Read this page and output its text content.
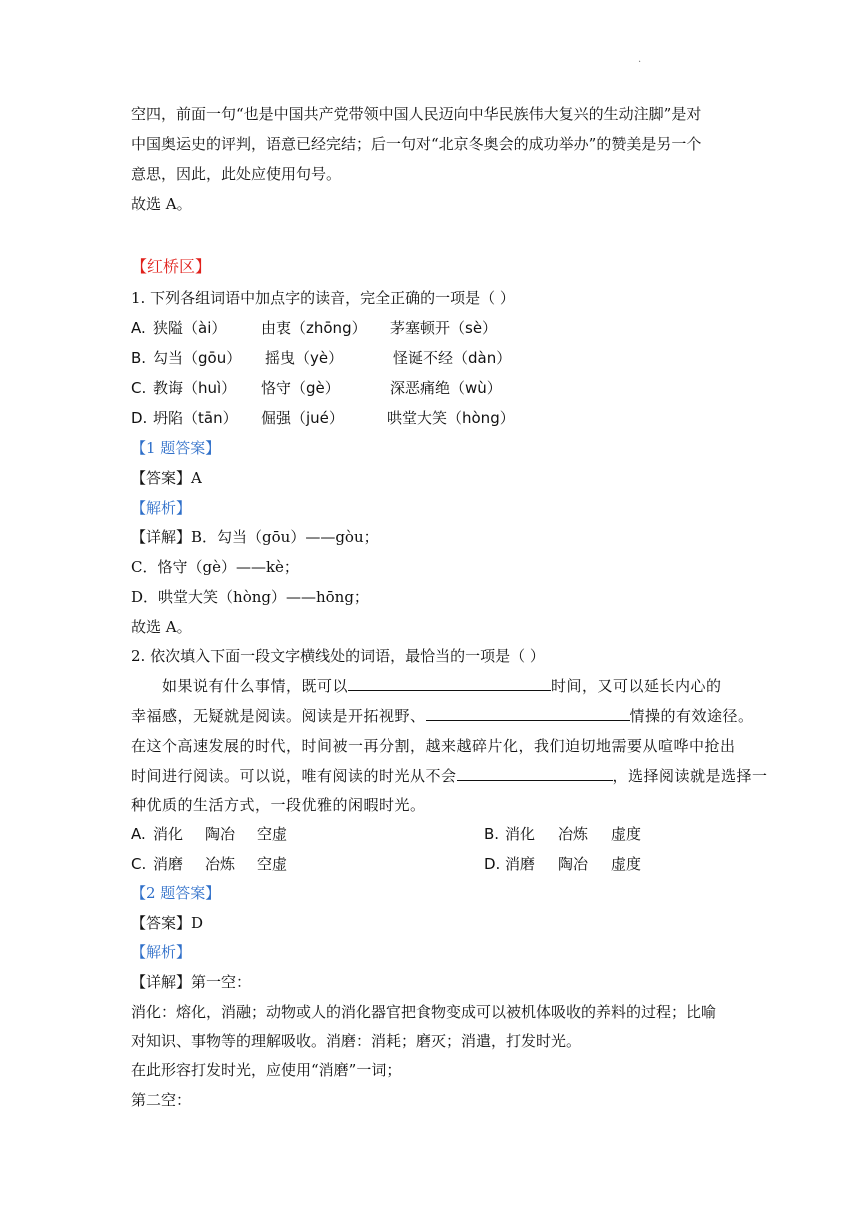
.
空四，前面一句“也是中国共产党带领中国人民迈向中华民族伟大复兴的生动注脚”是对
中国奥运史的评判，语意已经完结；后一句对“北京冬奥会的成功举办”的赞美是另一个
意思，因此，此处应使用句号。
故选 A。
【红桥区】
1. 下列各组词语中加点字的读音，完全正确的一项是（ ）
A. 狭隘（ài） 由衷（zhōng） 茅塞顿开（sè）
B. 勾当（gōu） 摇曳（yè）	怪诞不经（dàn）
C. 教诲（huì） 恪守（gè）	深恶痛绝（wù）
D. 坍陷（tān） 倔强（jué）	哄堂大笑（hòng）
【1 题答案】
【答案】A
【解析】
【详解】B．勾当（gōu）——gòu；
C．恪守（gè）——kè；
D．哄堂大笑（hòng）——hōng；
故选 A。
2. 依次填入下面一段文字横线处的词语，最恰当的一项是（ ）
如果说有什么事情，既可以	时间，又可以延长内心的
幸福感，无疑就是阅读。阅读是开拓视野、	情操的有效途径。
在这个高速发展的时代，时间被一再分割，越来越碎片化，我们迫切地需要从喧哗中抢出
时间进行阅读。可以说，唯有阅读的时光从不会	，选择阅读就是选择一
种优质的生活方式，一段优雅的闲暇时光。
A. 消化 陶冶 空虚	B. 消化 冶炼 虚度
C. 消磨 冶炼 空虚	D. 消磨 陶冶 虚度
【2 题答案】
【答案】D
【解析】
【详解】第一空：
消化：熔化，消融；动物或人的消化器官把食物变成可以被机体吸收的养料的过程；比喻
对知识、事物等的理解吸收。消磨：消耗；磨灭；消遣，打发时光。
在此形容打发时光，应使用“消磨”一词；
第二空：
